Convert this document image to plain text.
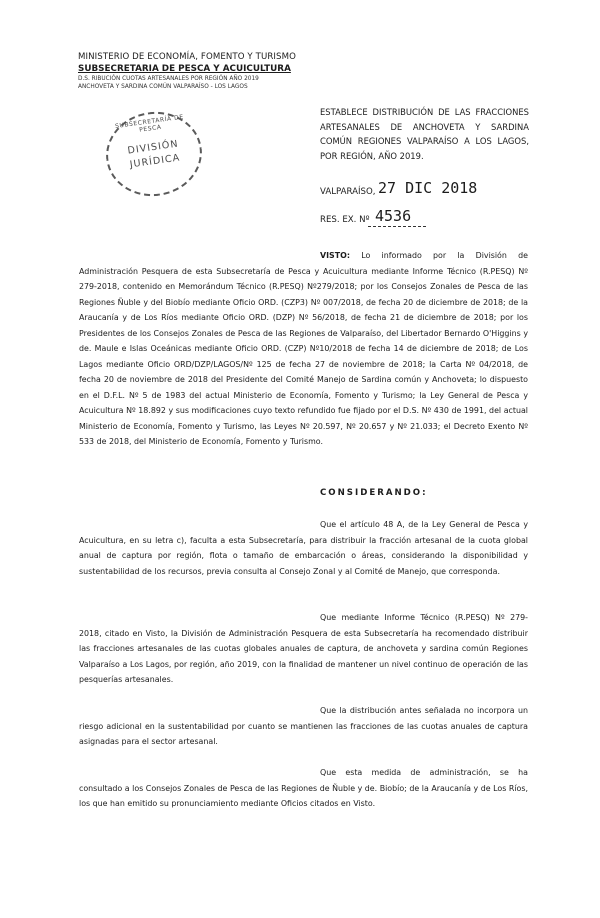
MINISTERIO DE ECONOMÍA, FOMENTO Y TURISMO
SUBSECRETARIA DE PESCA Y ACUICULTURA
D.S. RIBUCIÓN CUOTAS ARTESANALES POR REGIÓN AÑO 2019
ANCHOVETA Y SARDINA COMÚN VALPARAÍSO - LOS LAGOS
SUBSECRETARÍA DE PESCA
DIVISIÓN
JURÍDICA
ESTABLECE DISTRIBUCIÓN DE LAS FRACCIONES ARTESANALES DE ANCHOVETA Y SARDINA COMÚN REGIONES VALPARAÍSO A LOS LAGOS, POR REGIÓN, AÑO 2019.
VALPARAÍSO, 27 DIC 2018
RES. EX. Nº 4536

VISTO: Lo informado por la División de Administración Pesquera de esta Subsecretaría de Pesca y Acuicultura mediante Informe Técnico (R.PESQ) Nº 279-2018, contenido en Memorándum Técnico (R.PESQ) Nº279/2018; por los Consejos Zonales de Pesca de las Regiones Ñuble y del Biobío mediante Oficio ORD. (CZP3) Nº 007/2018, de fecha 20 de diciembre de 2018; de la Araucanía y de Los Ríos mediante Oficio ORD. (DZP) Nº 56/2018, de fecha 21 de diciembre de 2018; por los Presidentes de los Consejos Zonales de Pesca de las Regiones de Valparaíso, del Libertador Bernardo O'Higgins y de. Maule e Islas Oceánicas mediante Oficio ORD. (CZP) Nº10/2018 de fecha 14 de diciembre de 2018; de Los Lagos mediante Oficio ORD/DZP/LAGOS/Nº 125 de fecha 27 de noviembre de 2018; la Carta Nº 04/2018, de fecha 20 de noviembre de 2018 del Presidente del Comité Manejo de Sardina común y Anchoveta; lo dispuesto en el D.F.L. Nº 5 de 1983 del actual Ministerio de Economía, Fomento y Turismo; la Ley General de Pesca y Acuicultura Nº 18.892 y sus modificaciones cuyo texto refundido fue fijado por el D.S. Nº 430 de 1991, del actual Ministerio de Economía, Fomento y Turismo, las Leyes Nº 20.597, Nº 20.657 y Nº 21.033; el Decreto Exento Nº 533 de 2018, del Ministerio de Economía, Fomento y Turismo.

CONSIDERANDO:

Que el artículo 48 A, de la Ley General de Pesca y Acuicultura, en su letra c), faculta a esta Subsecretaría, para distribuir la fracción artesanal de la cuota global anual de captura por región, flota o tamaño de embarcación o áreas, considerando la disponibilidad y sustentabilidad de los recursos, previa consulta al Consejo Zonal y al Comité de Manejo, que corresponda.

Que mediante Informe Técnico (R.PESQ) Nº 279-2018, citado en Visto, la División de Administración Pesquera de esta Subsecretaría ha recomendado distribuir las fracciones artesanales de las cuotas globales anuales de captura, de anchoveta y sardina común Regiones Valparaíso a Los Lagos, por región, año 2019, con la finalidad de mantener un nivel continuo de operación de las pesquerías artesanales.

Que la distribución antes señalada no incorpora un riesgo adicional en la sustentabilidad por cuanto se mantienen las fracciones de las cuotas anuales de captura asignadas para el sector artesanal.

Que esta medida de administración, se ha consultado a los Consejos Zonales de Pesca de las Regiones de Ñuble y de. Biobío; de la Araucanía y de Los Ríos, los que han emitido su pronunciamiento mediante Oficios citados en Visto.
